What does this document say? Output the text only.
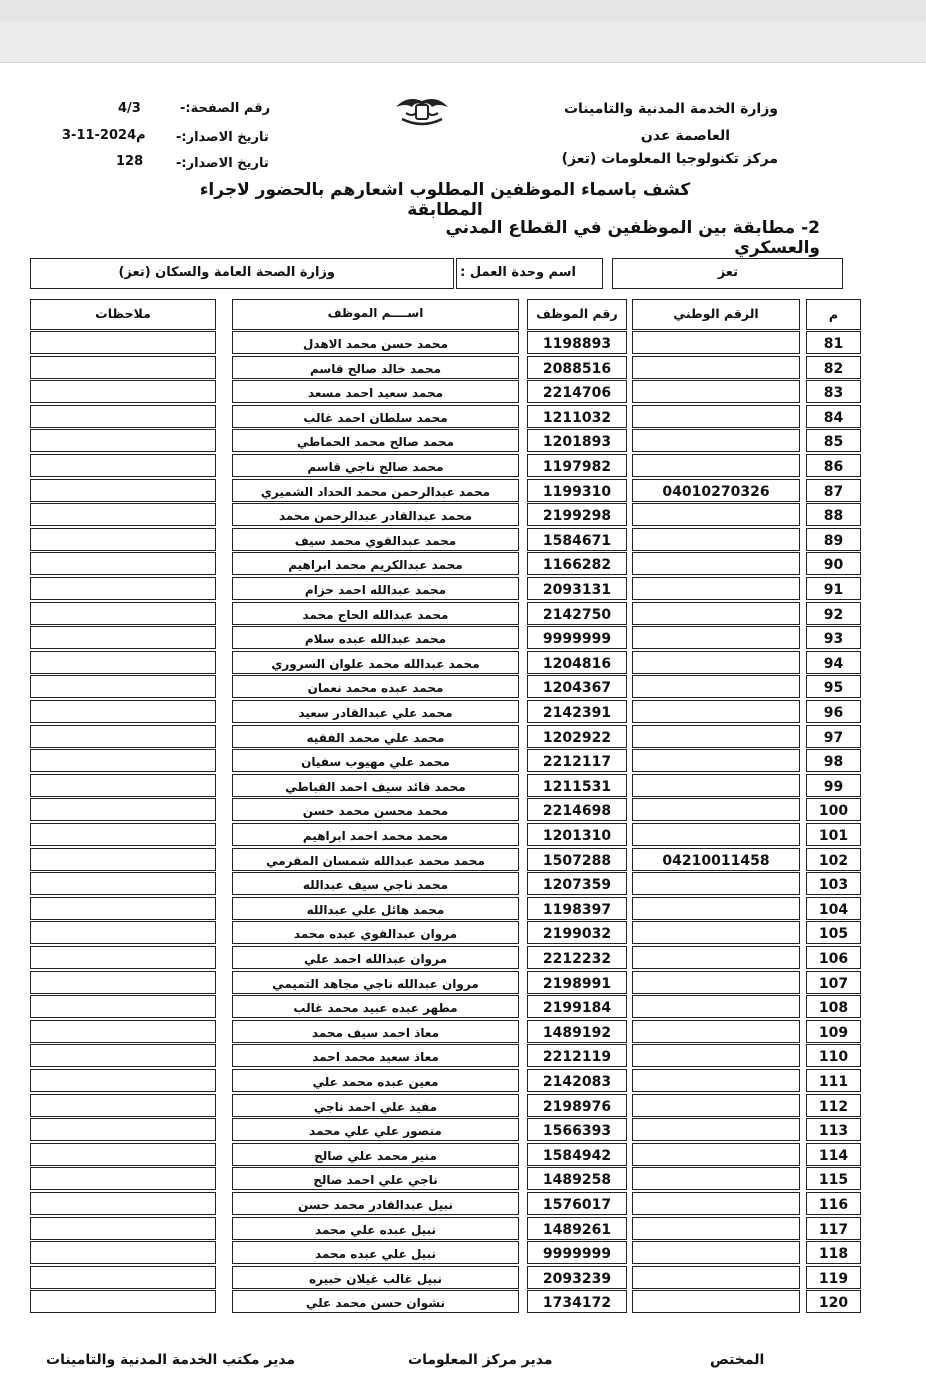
وزارة الخدمة المدنية والتامينات
العاصمة عدن
مركز تكنولوجيا المعلومات (تعز)
رقم الصفحة:-
4/3
تاريخ الاصدار:-
3-11-2024م
تاريخ الاصدار:-
128
كشف باسماء الموظفين المطلوب اشعارهم بالحضور لاجراء المطابقة
2- مطابقة بين الموظفين في القطاع المدني والعسكري
تعز
اسم وحدة العمل :
وزارة الصحة العامة والسكان (تعز)
م
الرقم الوطني
رقم الموظف
اســــم الموظف
ملاحظات
81
1198893
محمد حسن محمد الاهدل
82
2088516
محمد خالد صالح قاسم
83
2214706
محمد سعيد احمد مسعد
84
1211032
محمد سلطان احمد غالب
85
1201893
محمد صالح محمد الحماطي
86
1197982
محمد صالح ناجي قاسم
87
04010270326
1199310
محمد عبدالرحمن محمد الحداد الشميري
88
2199298
محمد عبدالقادر عبدالرحمن محمد
89
1584671
محمد عبدالقوي محمد سيف
90
1166282
محمد عبدالكريم محمد ابراهيم
91
2093131
محمد عبدالله احمد حزام
92
2142750
محمد عبدالله الحاج محمد
93
9999999
محمد عبدالله عبده سلام
94
1204816
محمد عبدالله محمد علوان السروري
95
1204367
محمد عبده محمد نعمان
96
2142391
محمد علي عبدالقادر سعيد
97
1202922
محمد علي محمد الفقيه
98
2212117
محمد علي مهيوب سفيان
99
1211531
محمد قائد سيف احمد القباطي
100
2214698
محمد محسن محمد حسن
101
1201310
محمد محمد احمد ابراهيم
102
04210011458
1507288
محمد محمد عبدالله شمسان المقرمي
103
1207359
محمد ناجي سيف عبدالله
104
1198397
محمد هائل علي عبدالله
105
2199032
مروان عبدالقوي عبده محمد
106
2212232
مروان عبدالله احمد علي
107
2198991
مروان عبدالله ناجي مجاهد التميمي
108
2199184
مطهر عبده عبيد محمد غالب
109
1489192
معاذ احمد سيف محمد
110
2212119
معاذ سعيد محمد احمد
111
2142083
معين عبده محمد علي
112
2198976
مفيد علي احمد ناجي
113
1566393
منصور علي علي محمد
114
1584942
منير محمد علي صالح
115
1489258
ناجي علي احمد صالح
116
1576017
نبيل عبدالقادر محمد حسن
117
1489261
نبيل عبده علي محمد
118
9999999
نبيل علي عبده محمد
119
2093239
نبيل غالب غيلان حبيره
120
1734172
نشوان حسن محمد علي
المختص
مدير مركز المعلومات
مدير مكتب الخدمة المدنية والتامينات
